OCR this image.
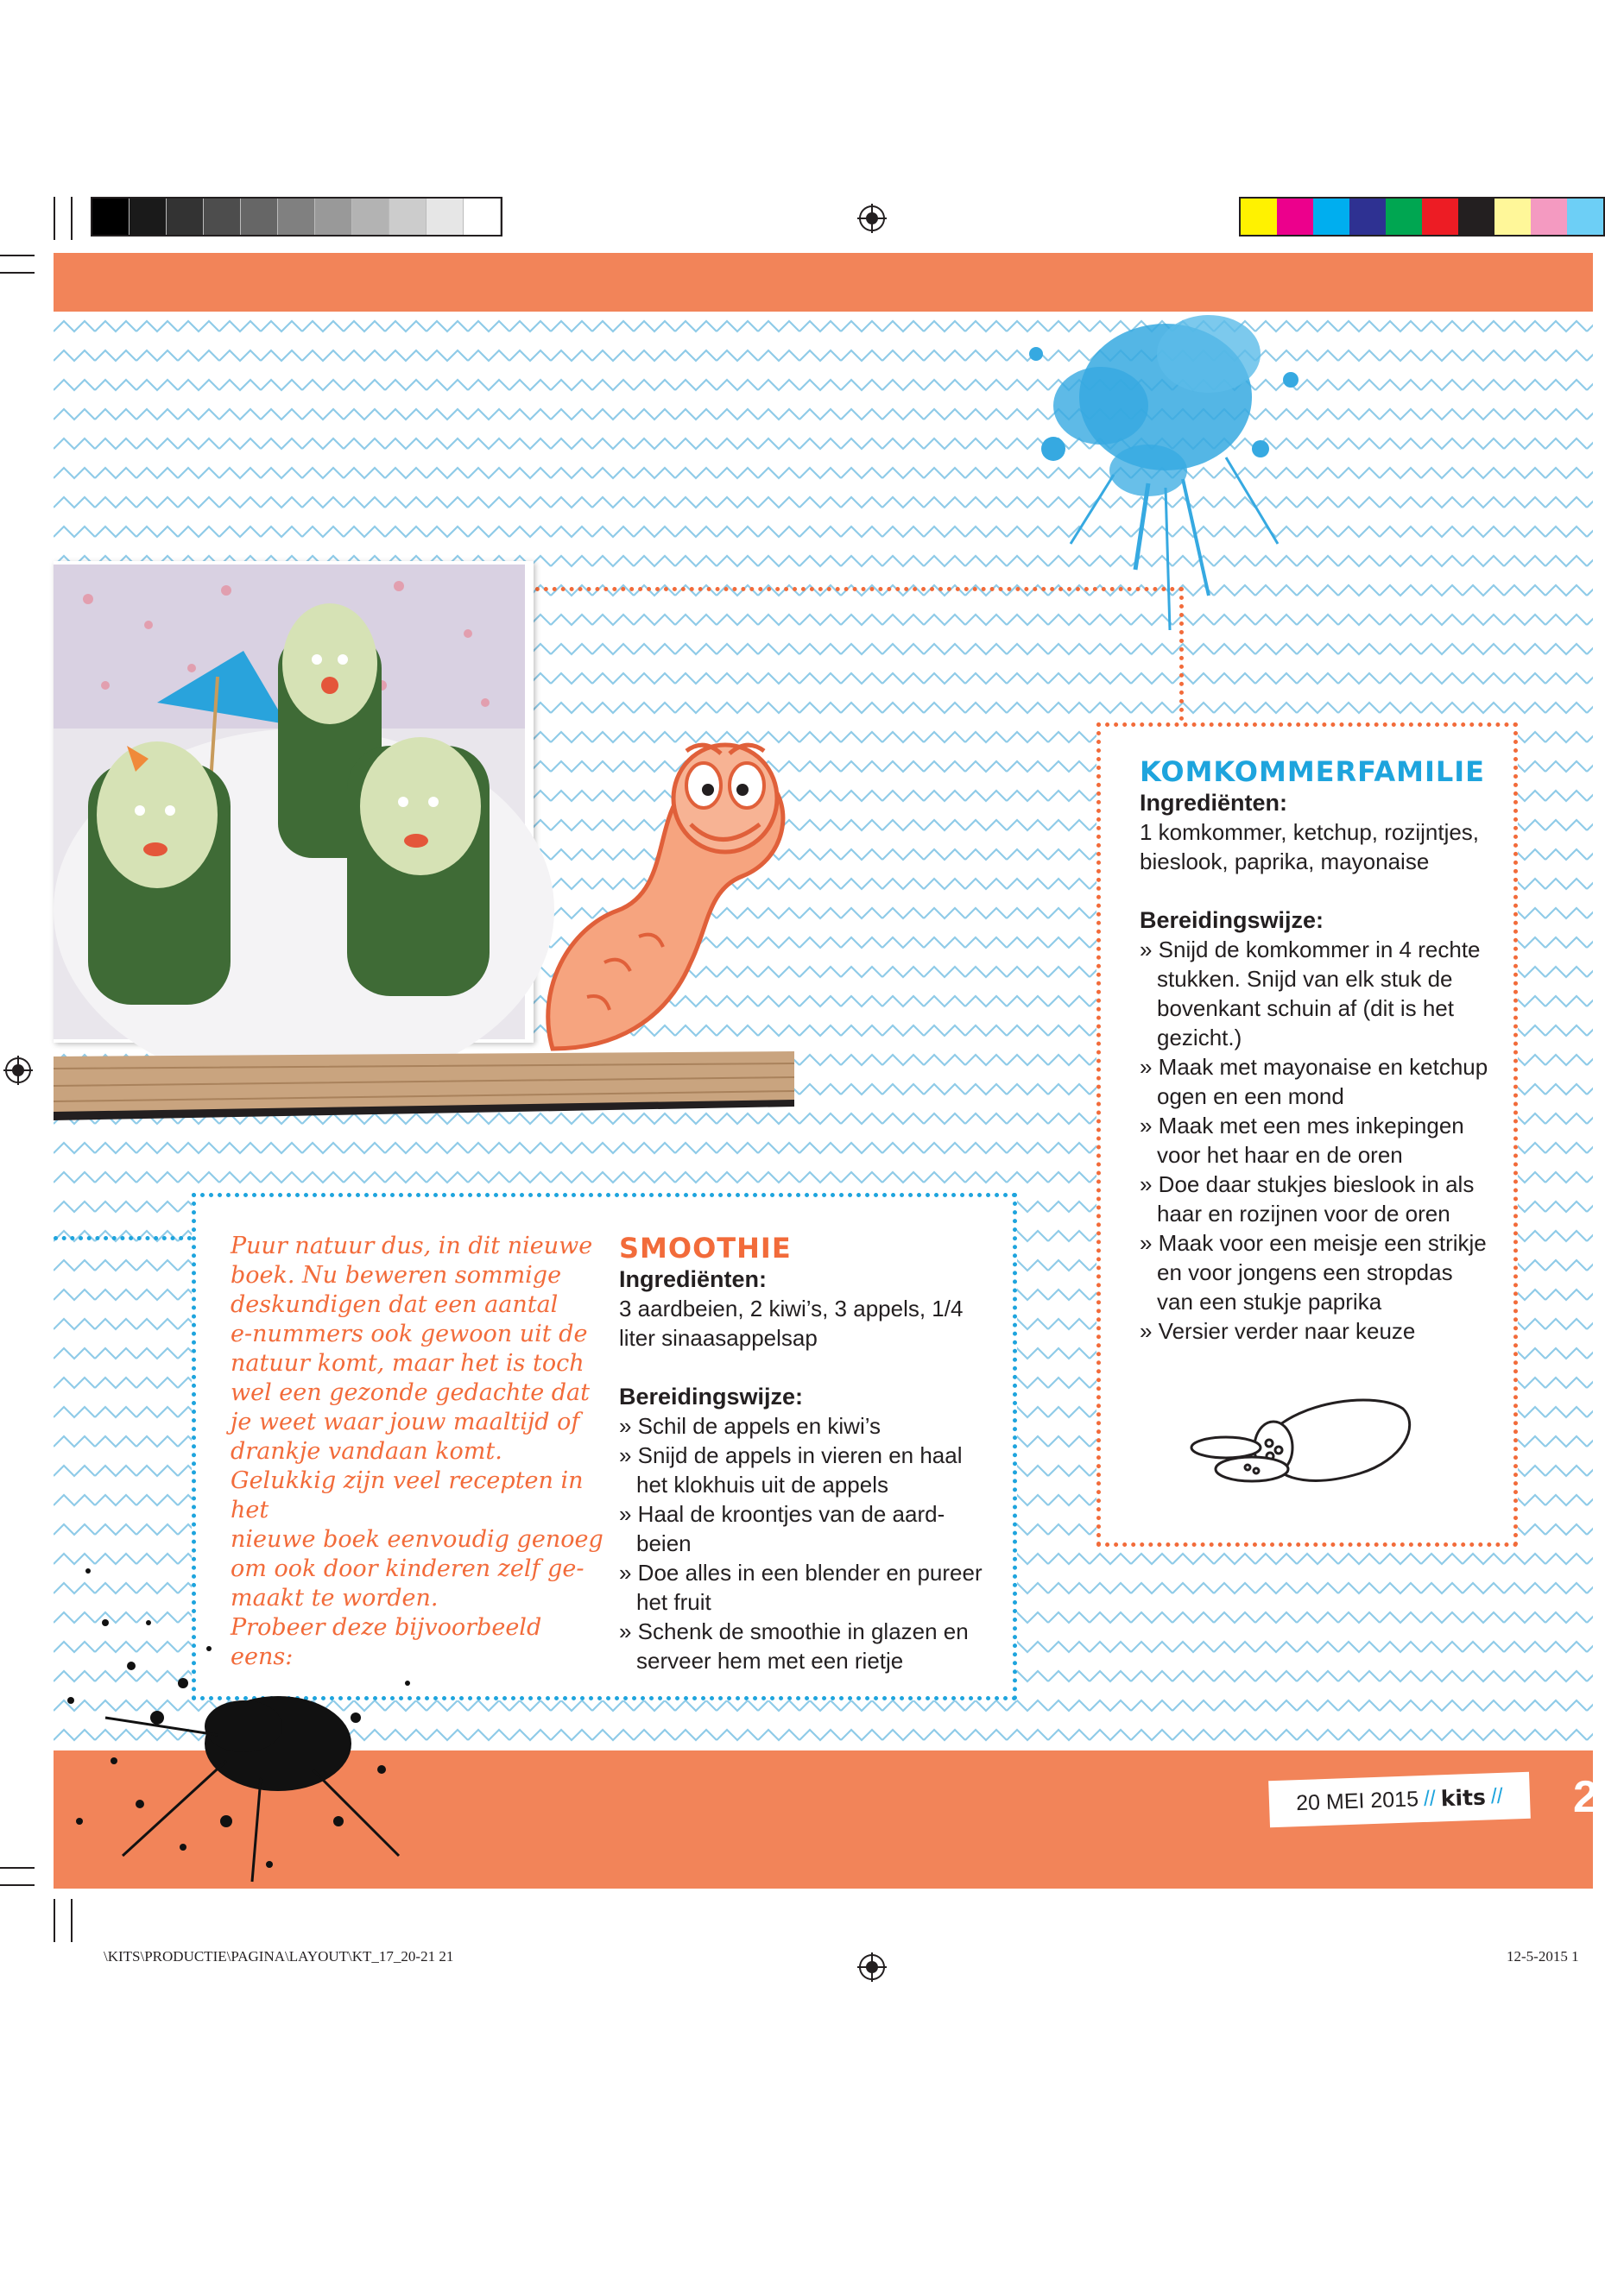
KOMKOMMERFAMILIE

Ingrediënten:

1 komkommer, ketchup, rozijntjes,

bieslook, paprika, mayonaise

Bereidingswijze:

» Snijd de komkommer in 4 rechte
stukken. Snijd van elk stuk de
bovenkant schuin af (dit is het
gezicht.)
» Maak met mayonaise en ketchup
ogen en een mond
» Maak met een mes inkepingen
voor het haar en de oren
» Doe daar stukjes bieslook in als
haar en rozijnen voor de oren
» Maak voor een meisje een strikje
en voor jongens een stropdas
van een stukje paprika
» Versier verder naar keuze
Puur natuur dus, in dit nieuwe
boek. Nu beweren sommige
deskundigen dat een aantal
e-nummers ook gewoon uit de
natuur komt, maar het is toch
wel een gezonde gedachte dat
je weet waar jouw maaltijd of
drankje vandaan komt.
Gelukkig zijn veel recepten in het
nieuwe boek eenvoudig genoeg
om ook door kinderen zelf ge-
maakt te worden.
Probeer deze bijvoorbeeld eens:
SMOOTHIE

Ingrediënten:

3 aardbeien, 2 kiwi’s, 3 appels, 1/4

liter sinaasappelsap

Bereidingswijze:

» Schil de appels en kiwi’s
» Snijd de appels in vieren en haal
het klokhuis uit de appels
» Haal de kroontjes van de aard-
beien
» Doe alles in een blender en pureer
het fruit
» Schenk de smoothie in glazen en
serveer hem met een rietje
20 MEI 2015 // kits // 2
\KITS\PRODUCTIE\PAGINA\LAYOUT\KT_17_20-21 21	12-5-2015 1
